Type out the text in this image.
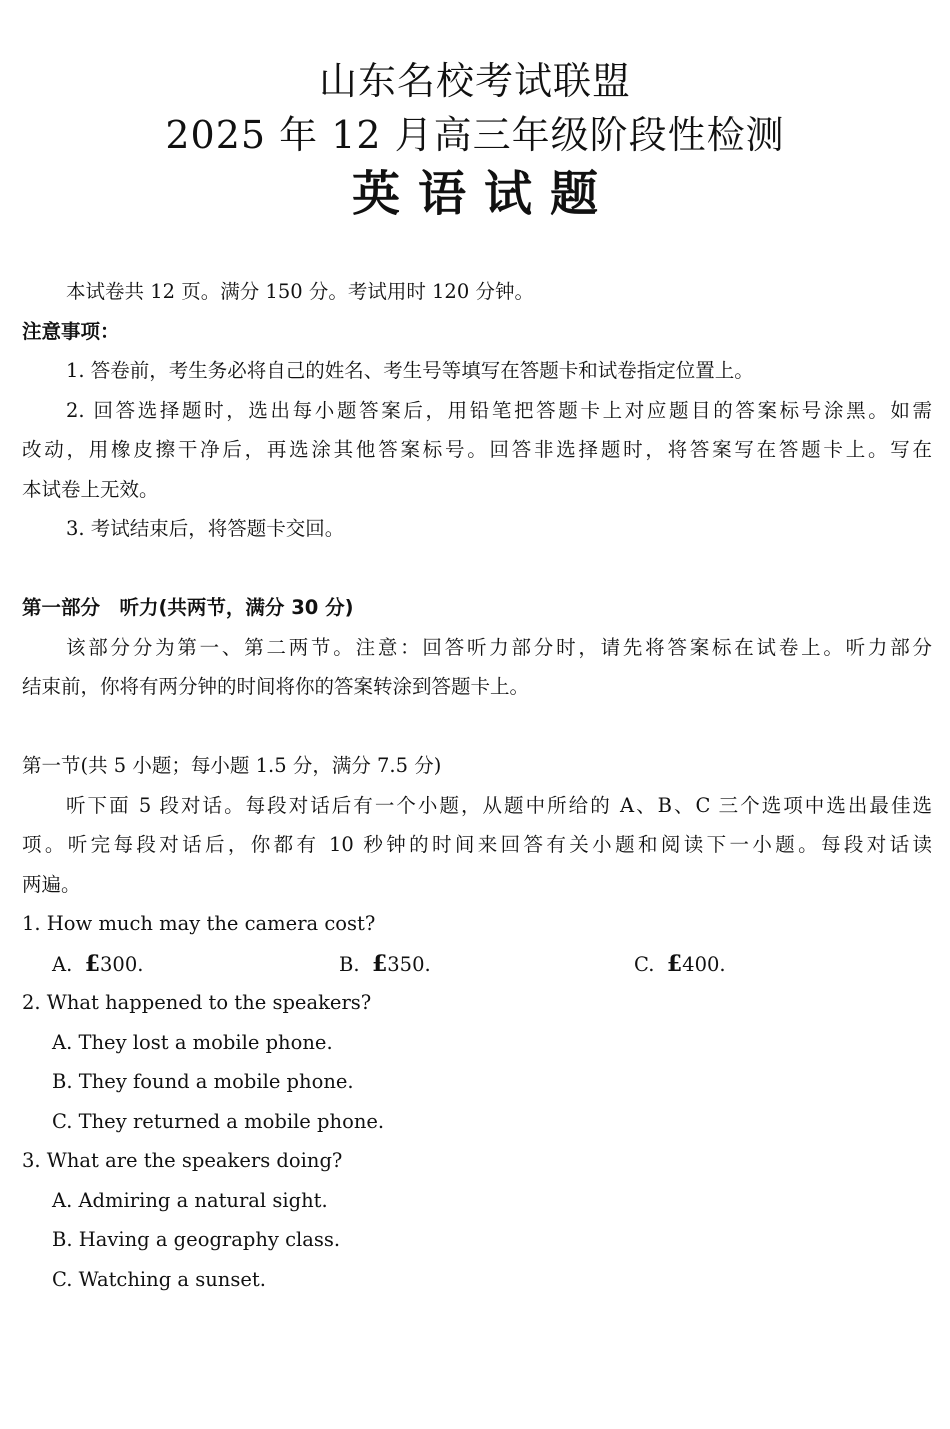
山东名校考试联盟
2025 年 12 月高三年级阶段性检测
英语试题
本试卷共 12 页。满分 150 分。考试用时 120 分钟。
注意事项：
1. 答卷前，考生务必将自己的姓名、考生号等填写在答题卡和试卷指定位置上。
2. 回答选择题时，选出每小题答案后，用铅笔把答题卡上对应题目的答案标号涂黑。如需
改动，用橡皮擦干净后，再选涂其他答案标号。回答非选择题时，将答案写在答题卡上。写在
本试卷上无效。
3. 考试结束后，将答题卡交回。
第一部分　听力(共两节，满分 30 分)
该部分分为第一、第二两节。注意：回答听力部分时，请先将答案标在试卷上。听力部分
结束前，你将有两分钟的时间将你的答案转涂到答题卡上。
第一节(共 5 小题；每小题 1.5 分，满分 7.5 分)
听下面 5 段对话。每段对话后有一个小题，从题中所给的 A、B、C 三个选项中选出最佳选
项。听完每段对话后，你都有 10 秒钟的时间来回答有关小题和阅读下一小题。每段对话读
两遍。
1. How much may the camera cost?
A. £300.	B. £350.	C. £400.
2. What happened to the speakers?
A. They lost a mobile phone.
B. They found a mobile phone.
C. They returned a mobile phone.
3. What are the speakers doing?
A. Admiring a natural sight.
B. Having a geography class.
C. Watching a sunset.
